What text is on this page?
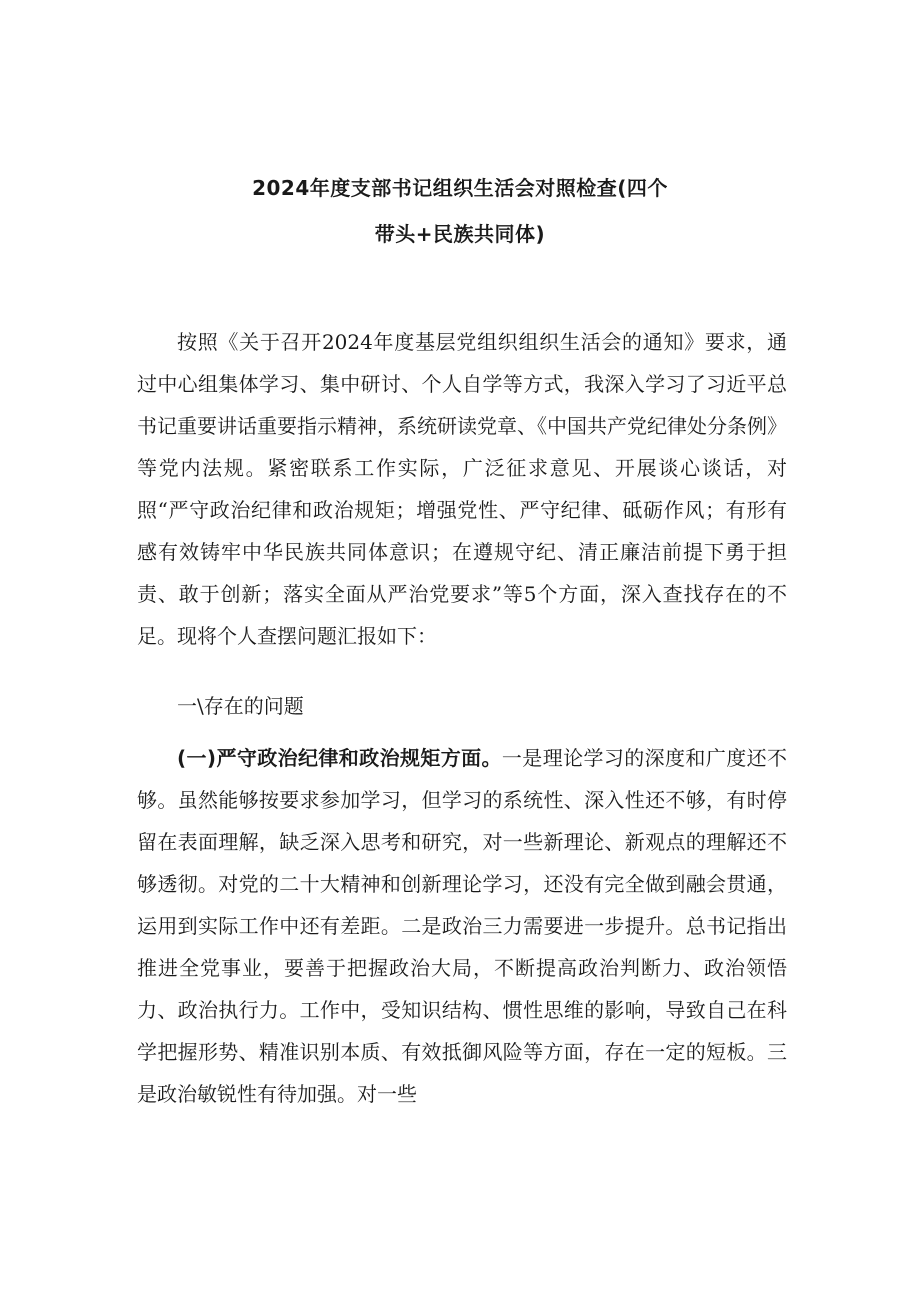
2024年度支部书记组织生活会对照检查(四个
带头+民族共同体)

按照《关于召开2024年度基层党组织组织生活会的通知》要求，通过中心组集体学习、集中研讨、个人自学等方式，我深入学习了习近平总书记重要讲话重要指示精神，系统研读党章、《中国共产党纪律处分条例》等党内法规。紧密联系工作实际，广泛征求意见、开展谈心谈话，对照“严守政治纪律和政治规矩；增强党性、严守纪律、砥砺作风；有形有感有效铸牢中华民族共同体意识；在遵规守纪、清正廉洁前提下勇于担责、敢于创新；落实全面从严治党要求”等5个方面，深入查找存在的不足。现将个人查摆问题汇报如下：

一\存在的问题

(一)严守政治纪律和政治规矩方面。一是理论学习的深度和广度还不够。虽然能够按要求参加学习，但学习的系统性、深入性还不够，有时停留在表面理解，缺乏深入思考和研究，对一些新理论、新观点的理解还不够透彻。对党的二十大精神和创新理论学习，还没有完全做到融会贯通，运用到实际工作中还有差距。二是政治三力需要进一步提升。总书记指出推进全党事业，要善于把握政治大局，不断提高政治判断力、政治领悟力、政治执行力。工作中，受知识结构、惯性思维的影响，导致自己在科学把握形势、精准识别本质、有效抵御风险等方面，存在一定的短板。三是政治敏锐性有待加强。对一些
